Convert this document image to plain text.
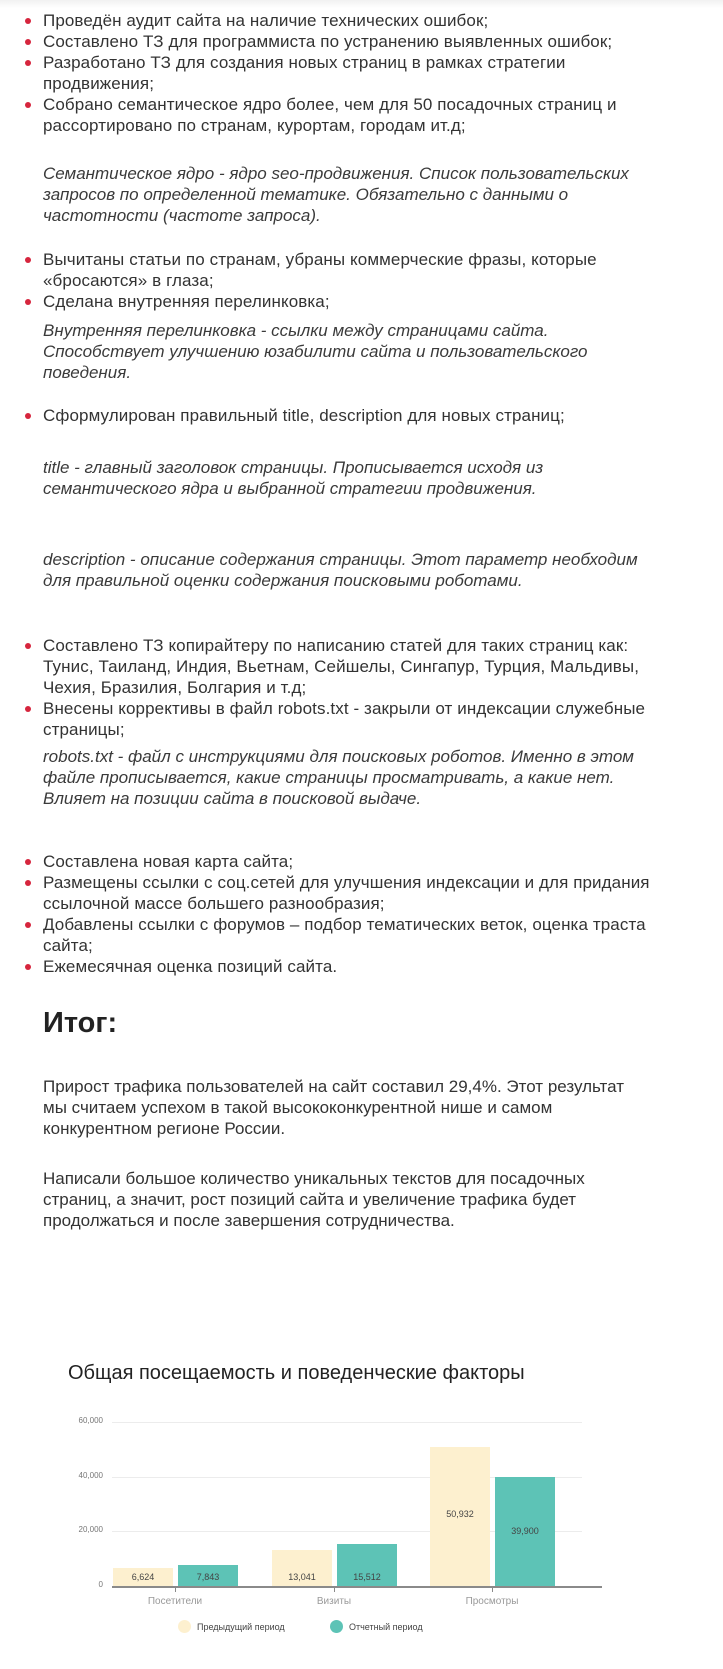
Проведён аудит сайта на наличие технических ошибок;
Составлено ТЗ для программиста по устранению выявленных ошибок;
Разработано ТЗ для создания новых страниц в рамках стратегии продвижения;
Собрано семантическое ядро более, чем для 50 посадочных страниц и рассортировано по странам, курортам, городам ит.д;
Семантическое ядро - ядро seo-продвижения. Список пользовательских запросов по определенной тематике. Обязательно с данными о частотности (частоте запроса).
Вычитаны статьи по странам, убраны коммерческие фразы, которые «бросаются» в глаза;
Сделана внутренняя перелинковка;
Внутренняя перелинковка - ссылки между страницами сайта. Способствует улучшению юзабилити сайта и пользовательского поведения.
Сформулирован правильный title, description для новых страниц;
title - главный заголовок страницы. Прописывается исходя из семантического ядра и выбранной стратегии продвижения.
description - описание содержания страницы. Этот параметр необходим для правильной оценки содержания поисковыми роботами.
Составлено ТЗ копирайтеру по написанию статей для таких страниц как: Тунис, Таиланд, Индия, Вьетнам, Сейшелы, Сингапур, Турция, Мальдивы, Чехия, Бразилия, Болгария и т.д;
Внесены коррективы в файл robots.txt - закрыли от индексации служебные страницы;
robots.txt - файл с инструкциями для поисковых роботов. Именно в этом файле прописывается, какие страницы просматривать, а какие нет. Влияет на позиции сайта в поисковой выдаче.
Составлена новая карта сайта;
Размещены ссылки с соц.сетей для улучшения индексации и для придания ссылочной массе большего разнообразия;
Добавлены ссылки с форумов – подбор тематических веток, оценка траста сайта;
Ежемесячная оценка позиций сайта.
Итог:
Прирост трафика пользователей на сайт составил 29,4%. Этот результат мы считаем успехом в такой высококонкурентной нише и самом конкурентном регионе России.
Написали большое количество уникальных текстов для посадочных страниц, а значит, рост позиций сайта и увеличение трафика будет продолжаться и после завершения сотрудничества.
Общая посещаемость и поведенческие факторы
0
20,000
40,000
60,000
Посетители
6,624	7,843
Визиты
13,041	15,512
Просмотры
50,932
39,900
Предыдущий период	Отчетный период
